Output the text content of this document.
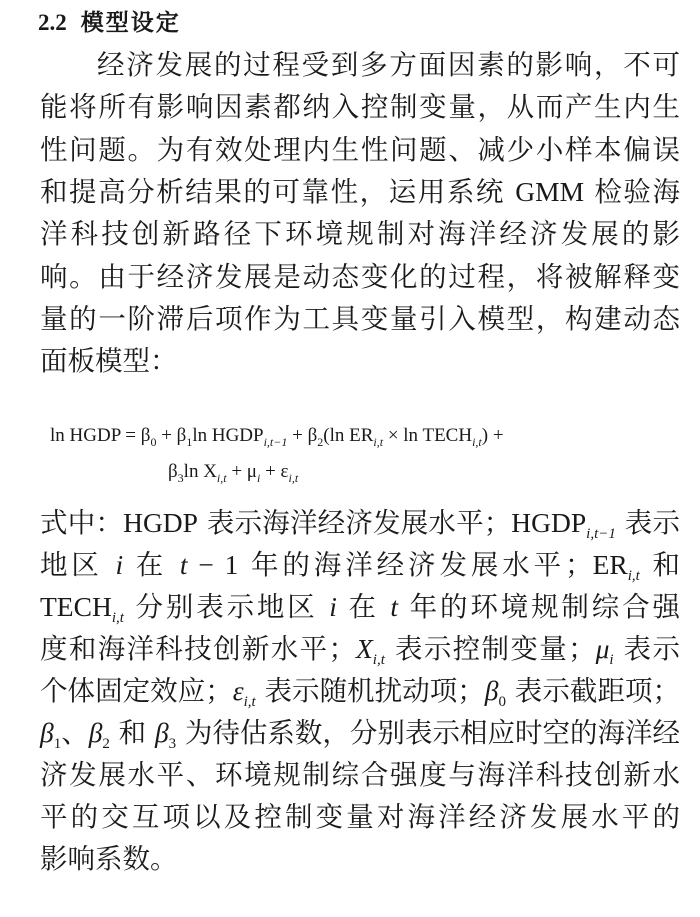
2.2 模型设定
经济发展的过程受到多方面因素的影响，不可
能将所有影响因素都纳入控制变量，从而产生内生
性问题。为有效处理内生性问题、减少小样本偏误
和提高分析结果的可靠性，运用系统 GMM 检验海
洋科技创新路径下环境规制对海洋经济发展的影
响。由于经济发展是动态变化的过程，将被解释变
量的一阶滞后项作为工具变量引入模型，构建动态
面板模型：
ln HGDP = $\beta_0 + \beta_1\ln$ $HGDP_{i,t-1} + \beta_2(\ln$ $ER_{i,t} \times \ln$ $TECH_{i,t}$) +
$\beta_3\ln$ $X_{i,t} + \mu_i + \varepsilon_{i,t}$
式中：HGDP 表示海洋经济发展水平；$HGDP_{i,t-1}$ 表示
地区 i 在 t − 1 年的海洋经济发展水平；$ER_{i,t}$ 和
$TECH_{i,t}$ 分别表示地区 i 在 t 年的环境规制综合强
度和海洋科技创新水平；$X_{i,t}$ 表示控制变量；$\mu_i$ 表示
个体固定效应；$\varepsilon_{i,t}$ 表示随机扰动项；$\beta_0$ 表示截距项；
$\beta_1$、$\beta_2$ 和 $\beta_3$ 为待估系数，分别表示相应时空的海洋经
济发展水平、环境规制综合强度与海洋科技创新水
平的交互项以及控制变量对海洋经济发展水平的
影响系数。
